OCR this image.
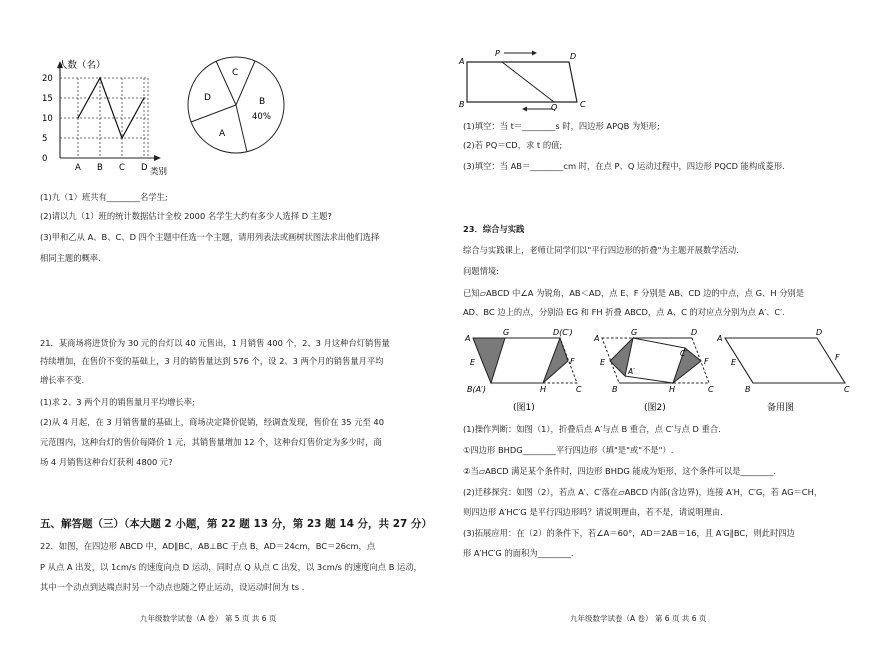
0
5
10
15
20
A B C D
人数（名）
类别
C
B
40%
A
D
(1)九（1）班共有________名学生;
(2)请以九（1）班的统计数据估计全校 2000 名学生大约有多少人选择 D 主题?
(3)甲和乙从 A、B、C、D 四个主题中任选一个主题，请用列表法或画树状图法求出他们选择
相同主题的概率.
21．某商场将进货价为 30 元的台灯以 40 元售出，1 月销售 400 个，2、3 月这种台灯销售量
持续增加，在售价不变的基础上，3 月的销售量达到 576 个，设 2、3 两个月的销售量月平均
增长率不变.
(1)求 2、3 两个月的销售量月平均增长率;
(2)从 4 月起，在 3 月销售量的基础上，商场决定降价促销，经调查发现，售价在 35 元至 40
元范围内，这种台灯的售价每降价 1 元，其销售量增加 12 个，这种台灯售价定为多少时，商
场 4 月销售这种台灯获利 4800 元?
五、解答题（三）（本大题 2 小题，第 22 题 13 分，第 23 题 14 分，共 27 分）
22．如图，在四边形 ABCD 中，AD∥BC，AB⊥BC 于点 B，AD＝24cm，BC＝26cm，点
P 从点 A 出发，以 1cm/s 的速度向点 D 运动，同时点 Q 从点 C 出发，以 3cm/s 的速度向点 B 运动，
其中一个动点到达端点时另一个动点也随之停止运动，设运动时间为 ts .
九年级数学试卷（A 卷） 第 5 页 共 6 页
A
P	D
B	Q	C
(1)填空：当 t＝________s 时，四边形 APQB 为矩形;
(2)若 PQ＝CD，求 t 的值;
(3)填空：当 AB＝________cm 时，在点 P、Q 运动过程中，四边形 PQCD 能构成菱形.
23．综合与实践
综合与实践课上，老师让同学们以"平行四边形的折叠"为主题开展数学活动.
问题情境:
已知▱ABCD 中∠A 为锐角，AB＜AD，点 E、F 分别是 AB、CD 边的中点，点 G、H 分别是
AD、BC 边上的点，分别沿 EG 和 FH 折叠 ABCD，点 A、C 的对应点分别为点 A′、C′.
A
G	D(C′)
E	F
B(A′)	H	C
(图1)
A
G	D
C′
E	F
A′
B	H	C
(图2)
A
D
E
F
B	C
备用图
(1)操作判断：如图（1），折叠后点 A′与点 B 重合，点 C′与点 D 重合.
①四边形 BHDG________平行四边形（填"是"或"不是"）.
②当▱ABCD 满足某个条件时，四边形 BHDG 能成为矩形，这个条件可以是________.
(2)迁移探究：如图（2），若点 A′、C′落在▱ABCD 内部(含边界)，连接 A′H，C′G，若 AG＝CH，
则四边形 A′HC′G 是平行四边形吗？请说明理由，若不是，请说明理由.
(3)拓展应用：在（2）的条件下，若∠A＝60°，AD＝2AB＝16，且 A′G∥BC，则此时四边
形 A′HC′G 的面积为________.
九年级数学试卷（A 卷） 第 6 页 共 6 页
